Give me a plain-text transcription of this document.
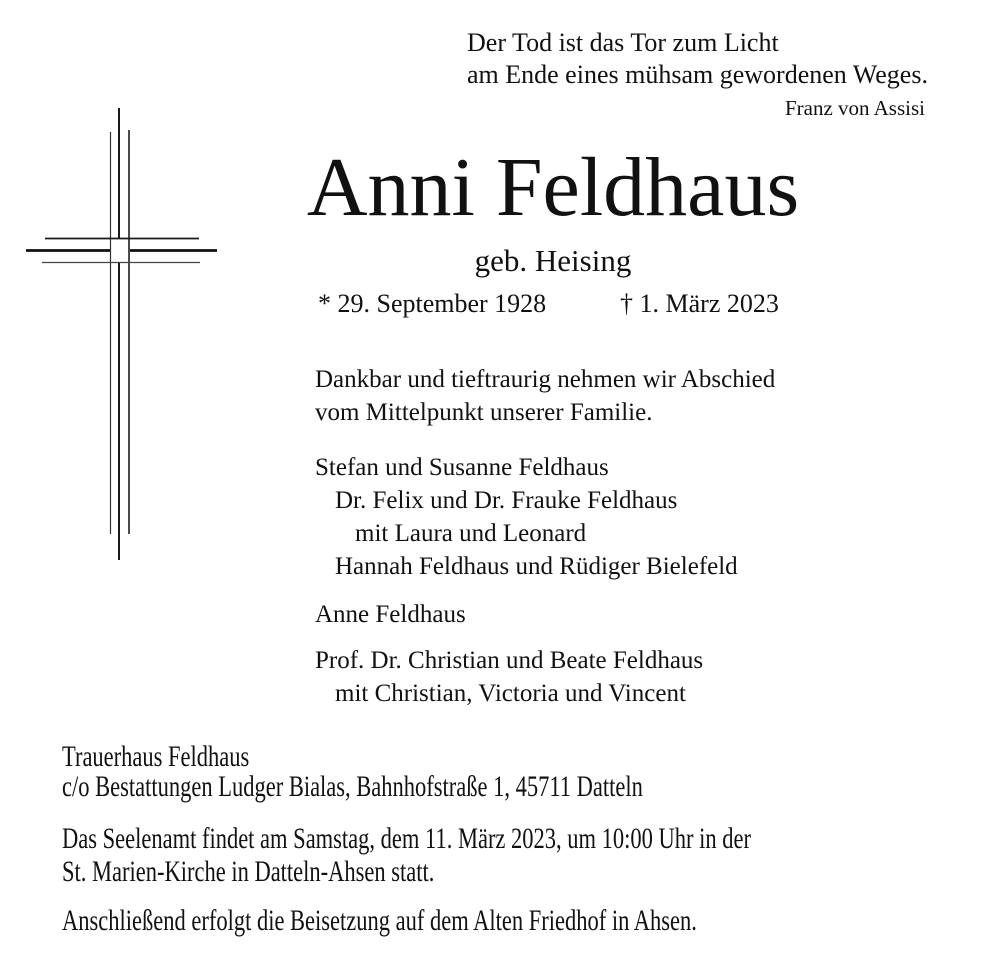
Der Tod ist das Tor zum Licht
am Ende eines mühsam gewordenen Weges.
Franz von Assisi
Anni Feldhaus
geb. Heising
* 29. September 1928	† 1. März 2023
Dankbar und tieftraurig nehmen wir Abschied
vom Mittelpunkt unserer Familie.
Stefan und Susanne Feldhaus
Dr. Felix und Dr. Frauke Feldhaus
mit Laura und Leonard
Hannah Feldhaus und Rüdiger Bielefeld
Anne Feldhaus
Prof. Dr. Christian und Beate Feldhaus
mit Christian, Victoria und Vincent
Trauerhaus Feldhaus
c/o Bestattungen Ludger Bialas, Bahnhofstraße 1, 45711 Datteln
Das Seelenamt findet am Samstag, dem 11. März 2023, um 10:00 Uhr in der
St. Marien-Kirche in Datteln-Ahsen statt.
Anschließend erfolgt die Beisetzung auf dem Alten Friedhof in Ahsen.
